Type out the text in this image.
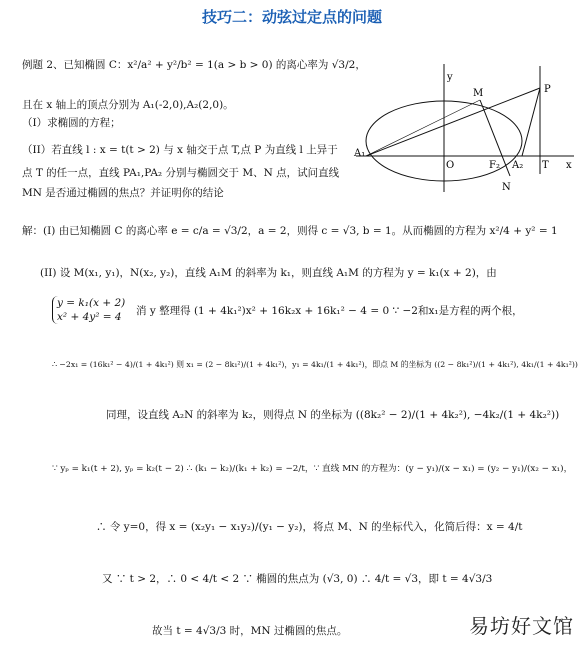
技巧二：动弦过定点的问题
例题 2、已知椭圆 C：x²/a² + y²/b² = 1(a > b > 0) 的离心率为 √3/2，
且在 x 轴上的顶点分别为 A₁(-2,0),A₂(2,0)。
（I）求椭圆的方程；
（II）若直线 l : x = t(t > 2) 与 x 轴交于点 T,点 P 为直线 l 上异于
点 T 的任一点，直线 PA₁,PA₂ 分别与椭圆交于 M、N 点，试问直线
MN 是否通过椭圆的焦点？并证明你的结论
y
x
M	P
A₁
O	F₂ A₂ T
N
解：(I) 由已知椭圆 C 的离心率 e = c/a = √3/2，a = 2，则得 c = √3, b = 1。从而椭圆的方程为 x²/4 + y² = 1
(II) 设 M(x₁, y₁)，N(x₂, y₂)，直线 A₁M 的斜率为 k₁，则直线 A₁M 的方程为 y = k₁(x + 2)，由
y = k₁(x + 2)
x² + 4y² = 4	消 y 整理得 (1 + 4k₁²)x² + 16k₂x + 16k₁² − 4 = 0 ∵ −2和x₁是方程的两个根，
∴ −2x₁ = (16k₁² − 4)/(1 + 4k₁²) 则 x₁ = (2 − 8k₁²)/(1 + 4k₁²)，y₁ = 4k₁/(1 + 4k₁²)，即点 M 的坐标为 ((2 − 8k₁²)/(1 + 4k₁²), 4k₁/(1 + 4k₁²))
同理，设直线 A₂N 的斜率为 k₂，则得点 N 的坐标为 ((8k₂² − 2)/(1 + 4k₂²), −4k₂/(1 + 4k₂²))
∵ yₚ = k₁(t + 2), yₚ = k₂(t − 2) ∴ (k₁ − k₂)/(k₁ + k₂) = −2/t，∵ 直线 MN 的方程为：(y − y₁)/(x − x₁) = (y₂ − y₁)/(x₂ − x₁)，
∴ 令 y=0，得 x = (x₂y₁ − x₁y₂)/(y₁ − y₂)，将点 M、N 的坐标代入，化简后得：x = 4/t
又 ∵ t > 2，∴ 0 < 4/t < 2 ∵ 椭圆的焦点为 (√3, 0) ∴ 4/t = √3，即 t = 4√3/3
故当 t = 4√3/3 时，MN 过椭圆的焦点。	易坊好文馆
